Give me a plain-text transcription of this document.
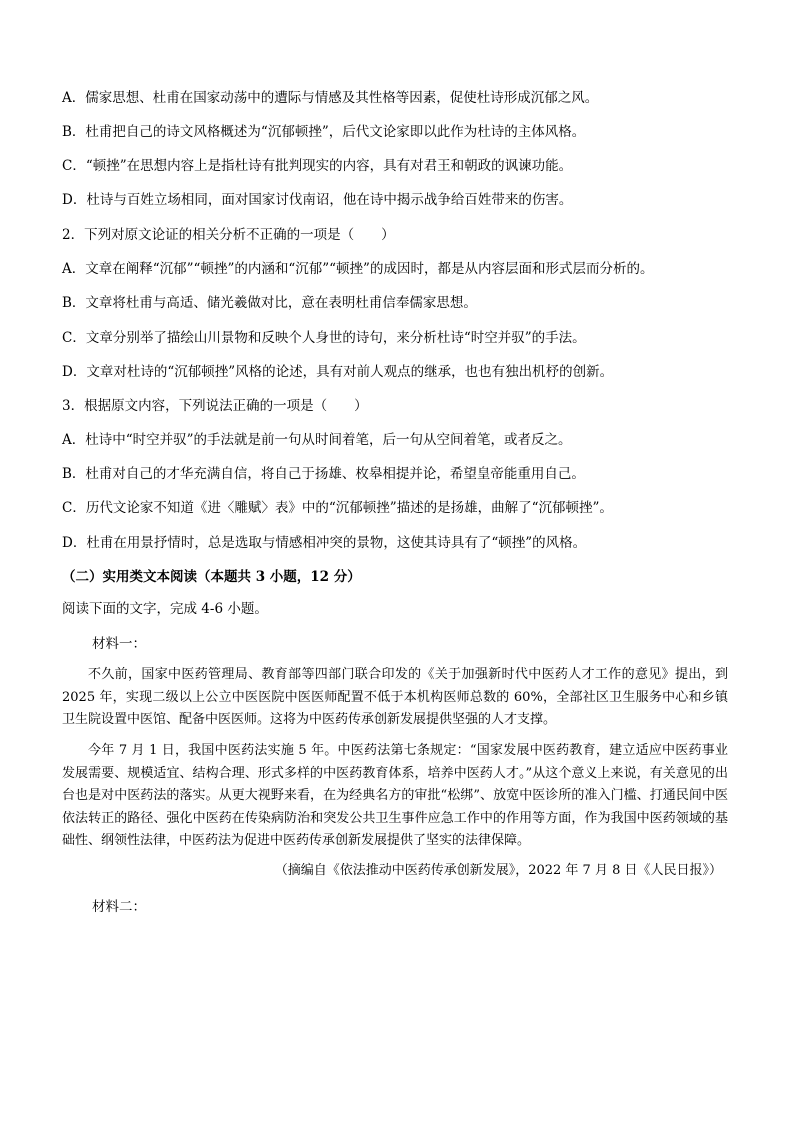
A．儒家思想、杜甫在国家动荡中的遭际与情感及其性格等因素，促使杜诗形成沉郁之风。
B．杜甫把自己的诗文风格概述为“沉郁顿挫”，后代文论家即以此作为杜诗的主体风格。
C．“顿挫”在思想内容上是指杜诗有批判现实的内容，具有对君王和朝政的讽谏功能。
D．杜诗与百姓立场相同，面对国家讨伐南诏，他在诗中揭示战争给百姓带来的伤害。
2．下列对原文论证的相关分析不正确的一项是（　　）
A．文章在阐释“沉郁”“顿挫”的内涵和“沉郁”“顿挫”的成因时，都是从内容层面和形式层而分析的。
B．文章将杜甫与高适、储光羲做对比，意在表明杜甫信奉儒家思想。
C．文章分别举了描绘山川景物和反映个人身世的诗句，来分析杜诗“时空并驭”的手法。
D．文章对杜诗的“沉郁顿挫”风格的论述，具有对前人观点的继承，也也有独出机杼的创新。
3．根据原文内容，下列说法正确的一项是（　　）
A．杜诗中“时空并驭”的手法就是前一句从时间着笔，后一句从空间着笔，或者反之。
B．杜甫对自己的才华充满自信，将自己于扬雄、枚皋相提并论，希望皇帝能重用自己。
C．历代文论家不知道《进〈雕赋〉表》中的“沉郁顿挫”描述的是扬雄，曲解了“沉郁顿挫”。
D．杜甫在用景抒情时，总是选取与情感相冲突的景物，这使其诗具有了“顿挫”的风格。
（二）实用类文本阅读（本题共 3 小题，12 分）
阅读下面的文字，完成 4-6 小题。
材料一：

不久前，国家中医药管理局、教育部等四部门联合印发的《关于加强新时代中医药人才工作的意见》提出，到 2025 年，实现二级以上公立中医医院中医医师配置不低于本机构医师总数的 60%，全部社区卫生服务中心和乡镇卫生院设置中医馆、配备中医医师。这将为中医药传承创新发展提供坚强的人才支撑。

今年 7 月 1 日，我国中医药法实施 5 年。中医药法第七条规定：“国家发展中医药教育，建立适应中医药事业发展需要、规模适宜、结构合理、形式多样的中医药教育体系，培养中医药人才。”从这个意义上来说，有关意见的出台也是对中医药法的落实。从更大视野来看，在为经典名方的审批“松绑”、放宽中医诊所的准入门槛、打通民间中医依法转正的路径、强化中医药在传染病防治和突发公共卫生事件应急工作中的作用等方面，作为我国中医药领域的基础性、纲领性法律，中医药法为促进中医药传承创新发展提供了坚实的法律保障。

（摘编自《依法推动中医药传承创新发展》，2022 年 7 月 8 日《人民日报》）
材料二：
